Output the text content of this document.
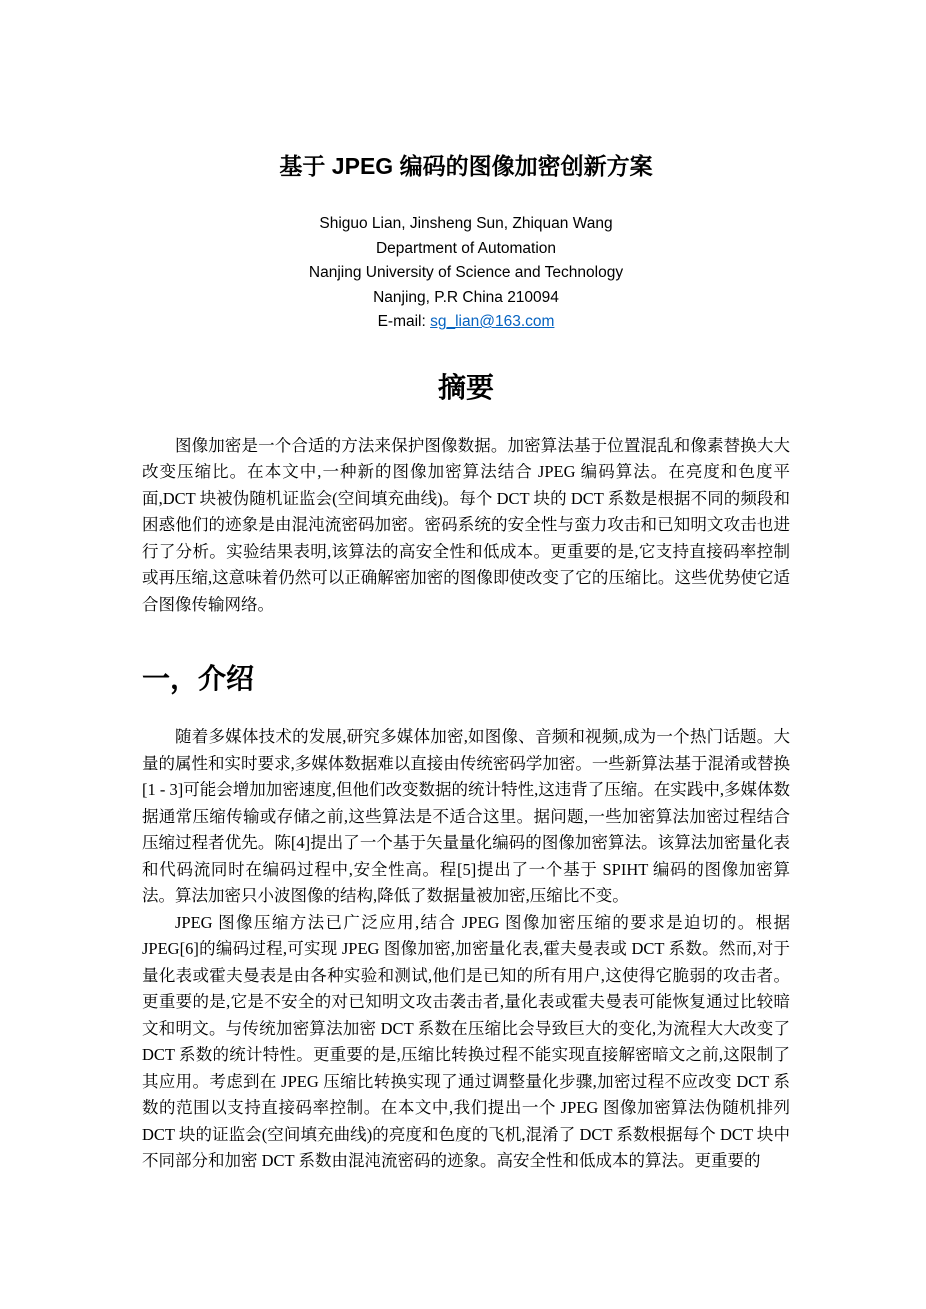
基于 JPEG 编码的图像加密创新方案
Shiguo Lian, Jinsheng Sun, Zhiquan Wang
Department of Automation
Nanjing University of Science and Technology
Nanjing, P.R China 210094
E-mail: sg_lian@163.com
摘要

图像加密是一个合适的方法来保护图像数据。加密算法基于位置混乱和像素替换大大改变压缩比。在本文中,一种新的图像加密算法结合 JPEG 编码算法。在亮度和色度平面,DCT 块被伪随机证监会(空间填充曲线)。每个 DCT 块的 DCT 系数是根据不同的频段和困惑他们的迹象是由混沌流密码加密。密码系统的安全性与蛮力攻击和已知明文攻击也进行了分析。实验结果表明,该算法的高安全性和低成本。更重要的是,它支持直接码率控制或再压缩,这意味着仍然可以正确解密加密的图像即使改变了它的压缩比。这些优势使它适合图像传输网络。

一，介绍

随着多媒体技术的发展,研究多媒体加密,如图像、音频和视频,成为一个热门话题。大量的属性和实时要求,多媒体数据难以直接由传统密码学加密。一些新算法基于混淆或替换[1 - 3]可能会增加加密速度,但他们改变数据的统计特性,这违背了压缩。在实践中,多媒体数据通常压缩传输或存储之前,这些算法是不适合这里。据问题,一些加密算法加密过程结合压缩过程者优先。陈[4]提出了一个基于矢量量化编码的图像加密算法。该算法加密量化表和代码流同时在编码过程中,安全性高。程[5]提出了一个基于 SPIHT 编码的图像加密算法。算法加密只小波图像的结构,降低了数据量被加密,压缩比不变。

JPEG 图像压缩方法已广泛应用,结合 JPEG 图像加密压缩的要求是迫切的。根据 JPEG[6]的编码过程,可实现 JPEG 图像加密,加密量化表,霍夫曼表或 DCT 系数。然而,对于量化表或霍夫曼表是由各种实验和测试,他们是已知的所有用户,这使得它脆弱的攻击者。更重要的是,它是不安全的对已知明文攻击袭击者,量化表或霍夫曼表可能恢复通过比较暗文和明文。与传统加密算法加密 DCT 系数在压缩比会导致巨大的变化,为流程大大改变了 DCT 系数的统计特性。更重要的是,压缩比转换过程不能实现直接解密暗文之前,这限制了其应用。考虑到在 JPEG 压缩比转换实现了通过调整量化步骤,加密过程不应改变 DCT 系数的范围以支持直接码率控制。在本文中,我们提出一个 JPEG 图像加密算法伪随机排列 DCT 块的证监会(空间填充曲线)的亮度和色度的飞机,混淆了 DCT 系数根据每个 DCT 块中不同部分和加密 DCT 系数由混沌流密码的迹象。高安全性和低成本的算法。更重要的
